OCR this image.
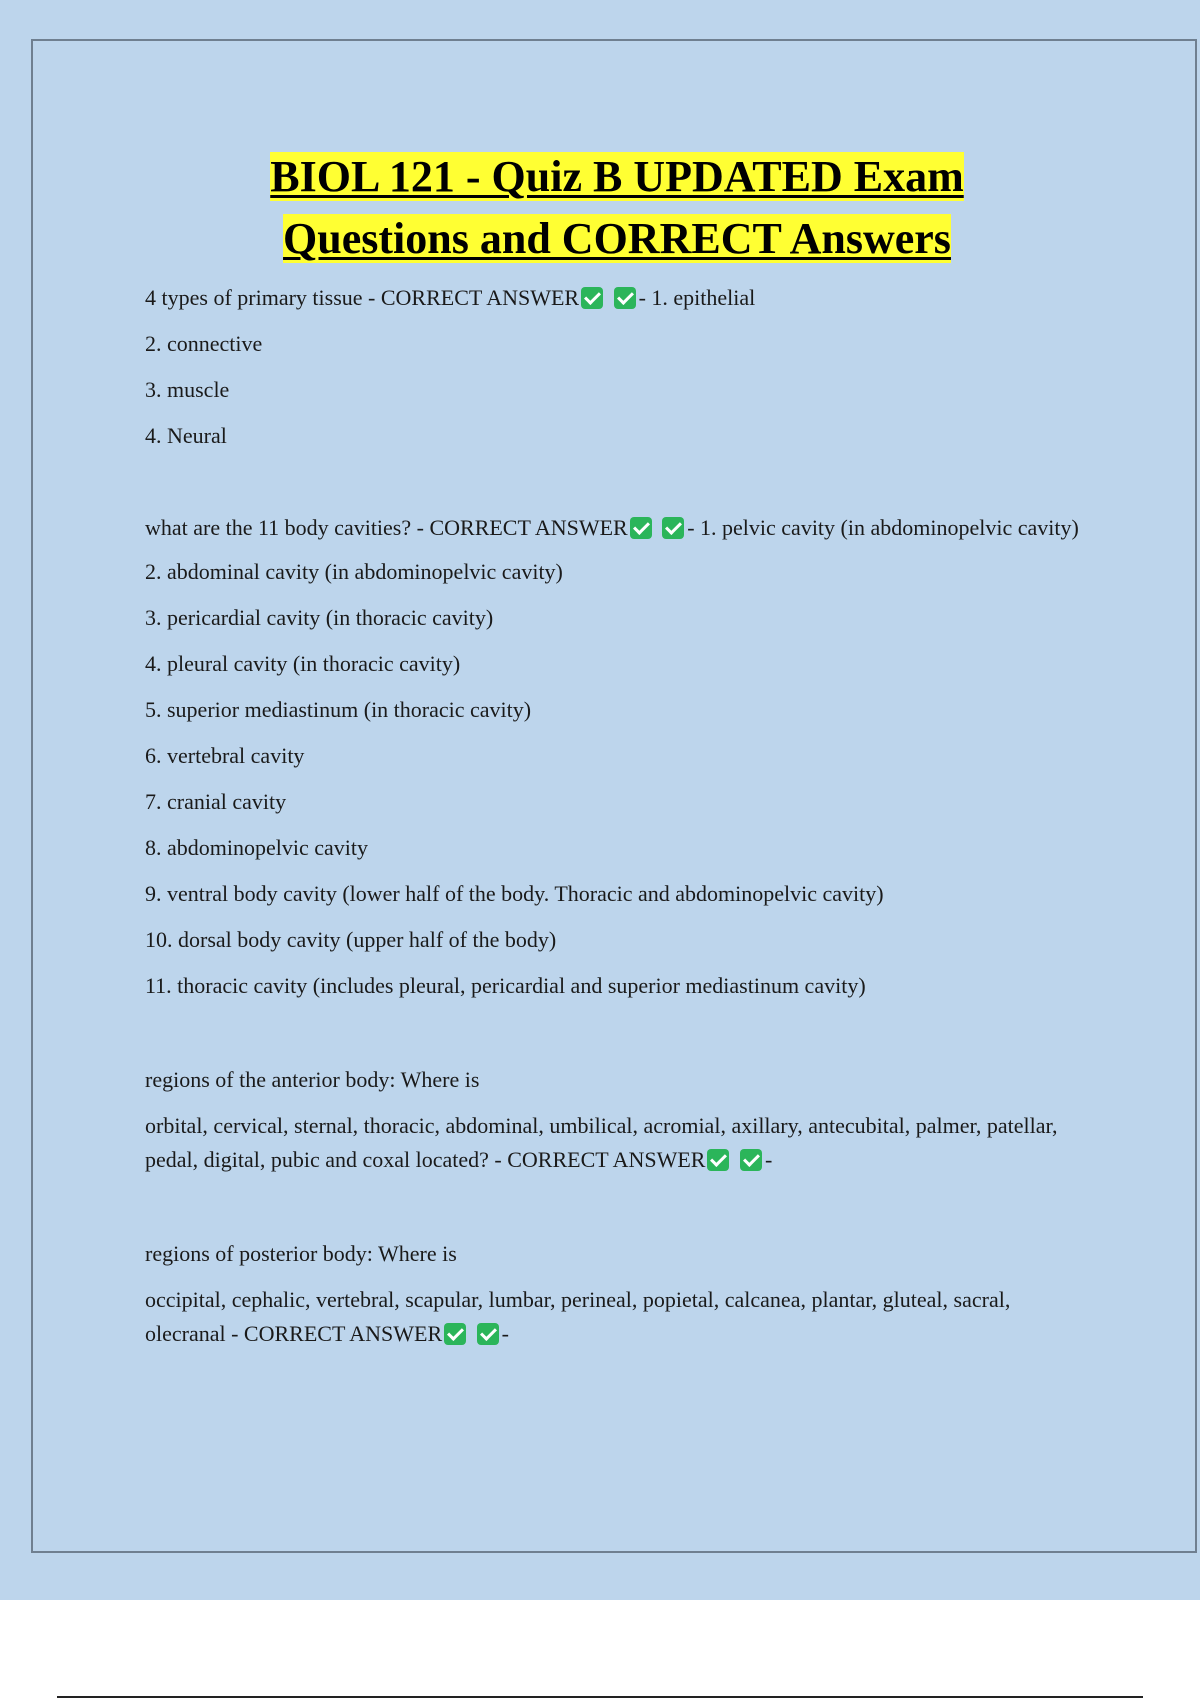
BIOL 121 - Quiz B UPDATED Exam
Questions and CORRECT Answers

4 types of primary tissue - CORRECT ANSWER	- 1. epithelial

2. connective

3. muscle

4. Neural

what are the 11 body cavities? - CORRECT ANSWER	- 1. pelvic cavity (in abdominopelvic cavity)

2. abdominal cavity (in abdominopelvic cavity)

3. pericardial cavity (in thoracic cavity)

4. pleural cavity (in thoracic cavity)

5. superior mediastinum (in thoracic cavity)

6. vertebral cavity

7. cranial cavity

8. abdominopelvic cavity

9. ventral body cavity (lower half of the body. Thoracic and abdominopelvic cavity)

10. dorsal body cavity (upper half of the body)

11. thoracic cavity (includes pleural, pericardial and superior mediastinum cavity)

regions of the anterior body: Where is

orbital, cervical, sternal, thoracic, abdominal, umbilical, acromial, axillary, antecubital, palmer, patellar, pedal, digital, pubic and coxal located? - CORRECT ANSWER	-

regions of posterior body: Where is

occipital, cephalic, vertebral, scapular, lumbar, perineal, popietal, calcanea, plantar, gluteal, sacral, olecranal - CORRECT ANSWER	-
